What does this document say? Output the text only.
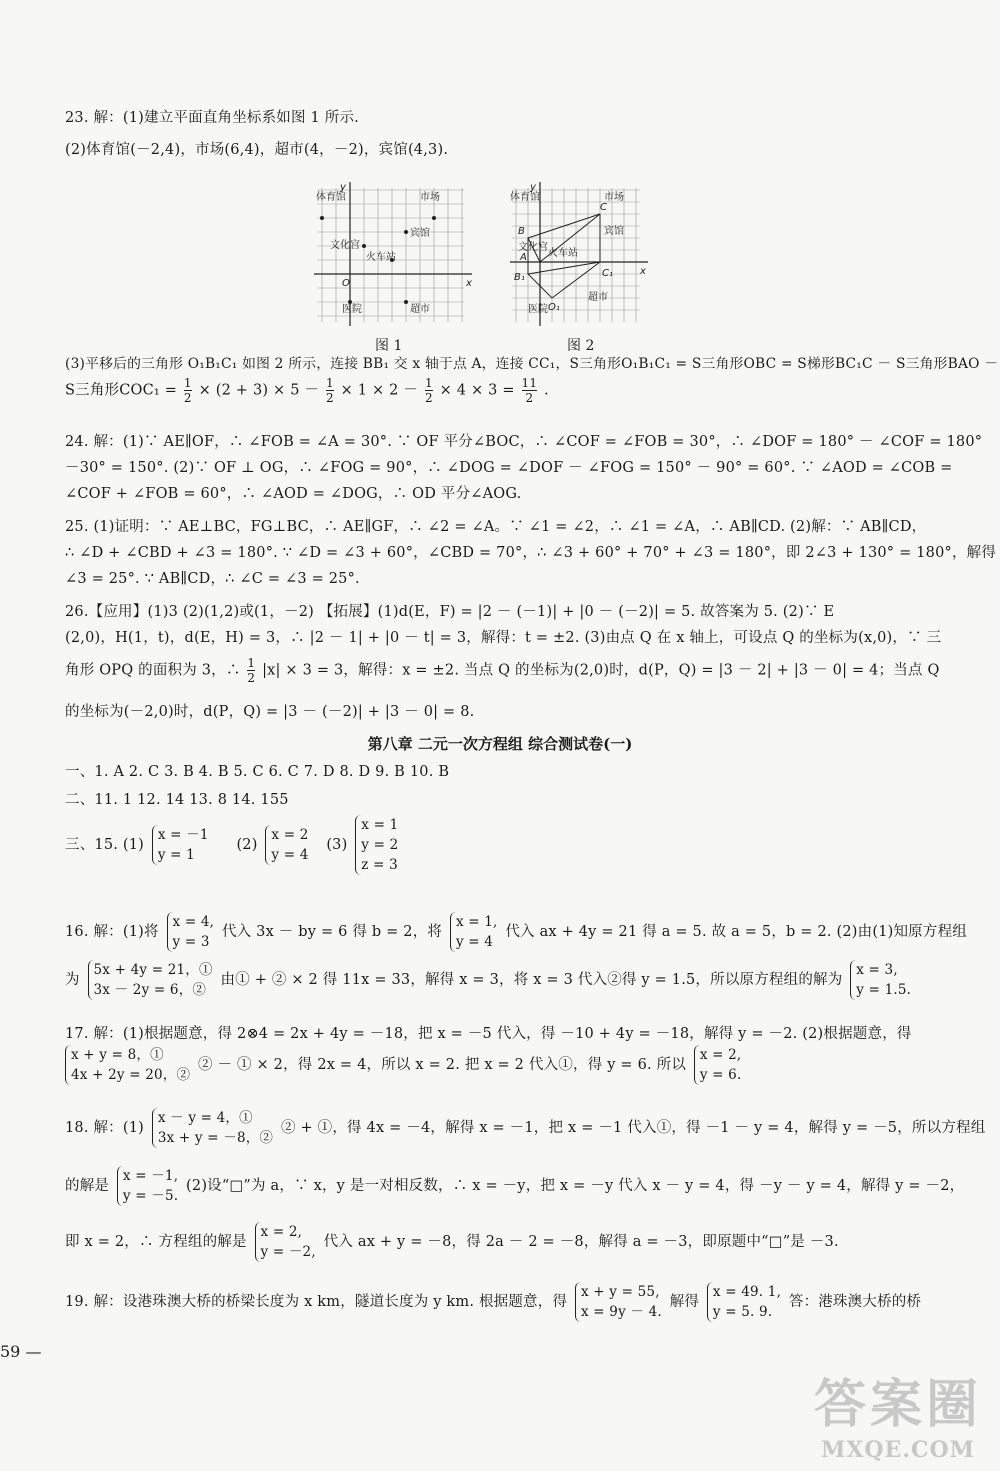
23. 解：(1)建立平面直角坐标系如图 1 所示.
(2)体育馆(－2,4)，市场(6,4)，超市(4，－2)，宾馆(4,3).
体育馆	市场
宾馆
文化宫
火车站
医院	超市
O	x
y
图 1
体育馆	市场
宾馆
文化宫
火车站
医院
超市
B
C
A
B₁	C₁
O₁
x
y
图 2
(3)平移后的三角形 O₁B₁C₁ 如图 2 所示，连接 BB₁ 交 x 轴于点 A，连接 CC₁，S三角形O₁B₁C₁ = S三角形OBC = S梯形BC₁C － S三角形BAO －
S三角形$COC_1 = \frac{1}{2} \times (2 + 3) \times 5 - \frac{1}{2} \times 1 \times 2 - \frac{1}{2} \times 4 \times 3 = \frac{11}{2}$ .
24. 解：(1)∵ AE∥OF，∴ ∠FOB = ∠A = 30°. ∵ OF 平分∠BOC，∴ ∠COF = ∠FOB = 30°，∴ ∠DOF = 180° － ∠COF = 180°
－30° = 150°. (2)∵ OF ⊥ OG，∴ ∠FOG = 90°，∴ ∠DOG = ∠DOF － ∠FOG = 150° － 90° = 60°. ∵ ∠AOD = ∠COB =
∠COF + ∠FOB = 60°，∴ ∠AOD = ∠DOG，∴ OD 平分∠AOG.
25. (1)证明：∵ AE⊥BC，FG⊥BC，∴ AE∥GF，∴ ∠2 = ∠A。∵ ∠1 = ∠2，∴ ∠1 = ∠A，∴ AB∥CD. (2)解：∵ AB∥CD，
∴ ∠D + ∠CBD + ∠3 = 180°. ∵ ∠D = ∠3 + 60°，∠CBD = 70°，∴ ∠3 + 60° + 70° + ∠3 = 180°，即 2∠3 + 130° = 180°，解得
∠3 = 25°. ∵ AB∥CD，∴ ∠C = ∠3 = 25°.
26.【应用】(1)3 (2)(1,2)或(1，－2) 【拓展】(1)d(E，F) = |2 － (－1)| + |0 － (－2)| = 5. 故答案为 5. (2)∵ E
(2,0)，H(1，t)，d(E，H) = 3，∴ |2 － 1| + |0 － t| = 3，解得：t = ±2. (3)由点 Q 在 x 轴上，可设点 Q 的坐标为(x,0)，∵ 三
角形 OPQ 的面积为 3，∴ $\frac{1}{2} |x| \times 3 = 3$，解得：x = ±2. 当点 Q 的坐标为(2,0)时，d(P，Q) = |3 － 2| + |3 － 0| = 4；当点 Q
的坐标为(－2,0)时，d(P，Q) = |3 － (－2)| + |3 － 0| = 8.
第八章 二元一次方程组 综合测试卷(一)
一、1. A 2. C 3. B 4. B 5. C 6. C 7. D 8. D 9. B 10. B
二、11. 1 12. 14 13. 8 14. 155
三、15. (1)
x = －1
y = 1
(2)
x = 2
y = 4
(3)
x = 1
y = 2
z = 3
16. 解：(1)将
x = 4,
y = 3
代入 3x － by = 6 得 b = 2，将
x = 1,
y = 4
代入 ax + 4y = 21 得 a = 5. 故 a = 5，b = 2. (2)由(1)知原方程组
为
5x + 4y = 21，①
3x － 2y = 6，②
由① + ② × 2 得 11x = 33，解得 x = 3，将 x = 3 代入②得 y = 1.5，所以原方程组的解为
x = 3,
y = 1.5.
17. 解：(1)根据题意，得 2⊗4 = 2x + 4y = －18，把 x = －5 代入，得 －10 + 4y = －18，解得 y = －2. (2)根据题意，得
x + y = 8，①
4x + 2y = 20，②
② － ① × 2，得 2x = 4，所以 x = 2. 把 x = 2 代入①，得 y = 6. 所以
x = 2,
y = 6.
18. 解：(1)
x － y = 4，①
3x + y = －8，②
② + ①，得 4x = －4，解得 x = －1，把 x = －1 代入①，得 －1 － y = 4，解得 y = －5，所以方程组
的解是
x = －1,
y = －5.
(2)设“□”为 a，∵ x，y 是一对相反数，∴ x = －y，把 x = －y 代入 x － y = 4，得 －y － y = 4，解得 y = －2，
即 x = 2，∴ 方程组的解是
x = 2,
y = －2,
代入 ax + y = －8，得 2a － 2 = －8，解得 a = －3，即原题中“□”是 －3.
19. 解：设港珠澳大桥的桥梁长度为 x km，隧道长度为 y km. 根据题意，得
x + y = 55,
x = 9y － 4.
解得
x = 49. 1,
y = 5. 9.
答：港珠澳大桥的桥
59 —
答案圈
MXQE.COM
